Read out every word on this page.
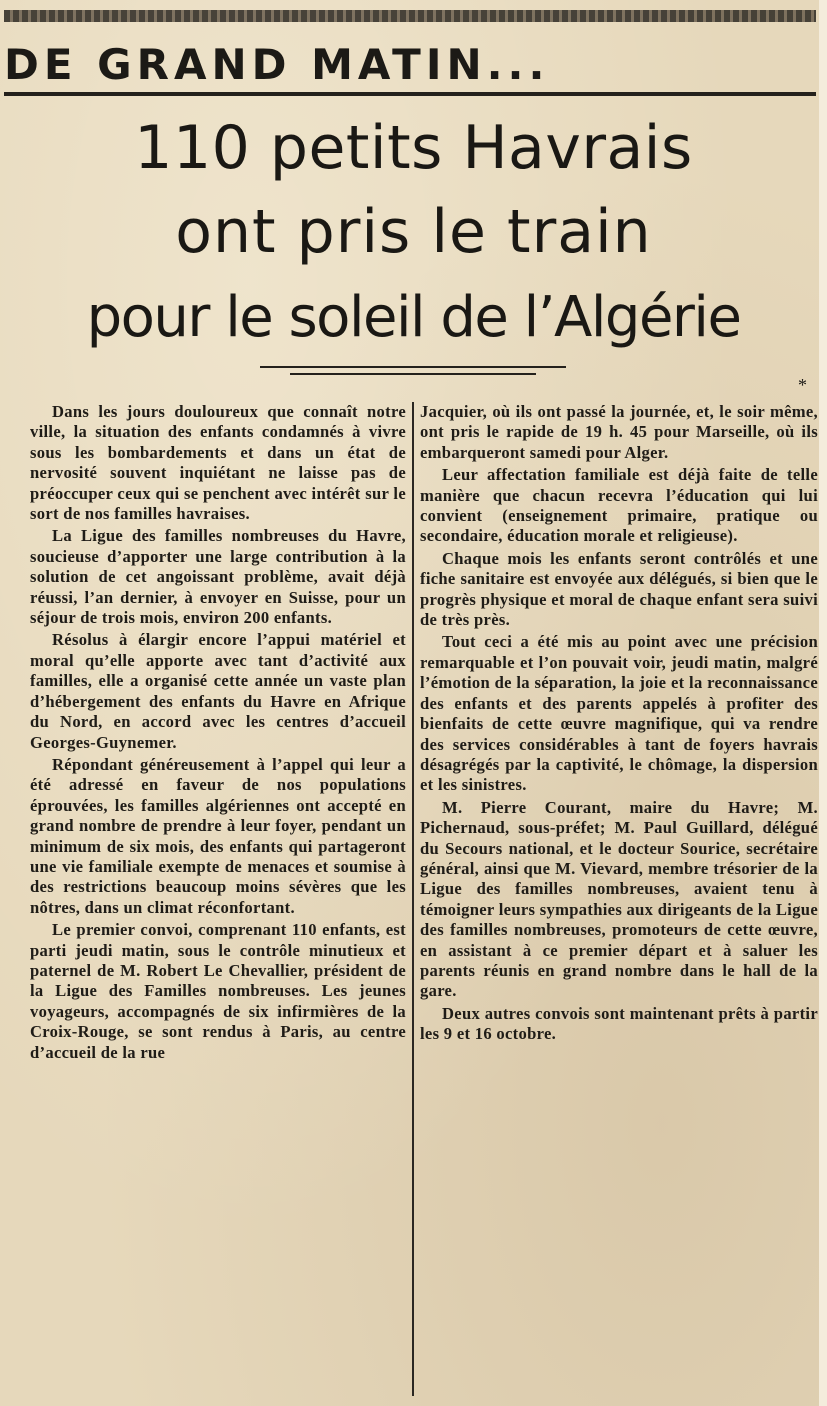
DE GRAND MATIN...
110 petits Havrais
ont pris le train
pour le soleil de l’Algérie
*

Dans les jours douloureux que connaît notre ville, la situation des enfants condamnés à vivre sous les bombardements et dans un état de nervosité souvent inquiétant ne laisse pas de préoccuper ceux qui se penchent avec intérêt sur le sort de nos familles havraises.

La Ligue des familles nombreuses du Havre, soucieuse d’apporter une large contribution à la solution de cet angoissant problème, avait déjà réussi, l’an dernier, à envoyer en Suisse, pour un séjour de trois mois, environ 200 enfants.

Résolus à élargir encore l’appui matériel et moral qu’elle apporte avec tant d’activité aux familles, elle a organisé cette année un vaste plan d’hébergement des enfants du Havre en Afrique du Nord, en accord avec les centres d’accueil Georges-Guynemer.

Répondant généreusement à l’appel qui leur a été adressé en faveur de nos populations éprouvées, les familles algériennes ont accepté en grand nombre de prendre à leur foyer, pendant un minimum de six mois, des enfants qui partageront une vie familiale exempte de menaces et soumise à des restrictions beaucoup moins sévères que les nôtres, dans un climat réconfortant.

Le premier convoi, comprenant 110 enfants, est parti jeudi matin, sous le contrôle minutieux et paternel de M. Robert Le Chevallier, président de la Ligue des Familles nombreuses. Les jeunes voyageurs, accompagnés de six infirmières de la Croix-Rouge, se sont rendus à Paris, au centre d’accueil de la rue

Jacquier, où ils ont passé la journée, et, le soir même, ont pris le rapide de 19 h. 45 pour Marseille, où ils embarqueront samedi pour Alger.

Leur affectation familiale est déjà faite de telle manière que chacun recevra l’éducation qui lui convient (enseignement primaire, pratique ou secondaire, éducation morale et religieuse).

Chaque mois les enfants seront contrôlés et une fiche sanitaire est envoyée aux délégués, si bien que le progrès physique et moral de chaque enfant sera suivi de très près.

Tout ceci a été mis au point avec une précision remarquable et l’on pouvait voir, jeudi matin, malgré l’émotion de la séparation, la joie et la reconnaissance des enfants et des parents appelés à profiter des bienfaits de cette œuvre magnifique, qui va rendre des services considérables à tant de foyers havrais désagrégés par la captivité, le chômage, la dispersion et les sinistres.

M. Pierre Courant, maire du Havre; M. Pichernaud, sous-préfet; M. Paul Guillard, délégué du Secours national, et le docteur Sourice, secrétaire général, ainsi que M. Vievard, membre trésorier de la Ligue des familles nombreuses, avaient tenu à témoigner leurs sympathies aux dirigeants de la Ligue des familles nombreuses, promoteurs de cette œuvre, en assistant à ce premier départ et à saluer les parents réunis en grand nombre dans le hall de la gare.

Deux autres convois sont maintenant prêts à partir les 9 et 16 octobre.
